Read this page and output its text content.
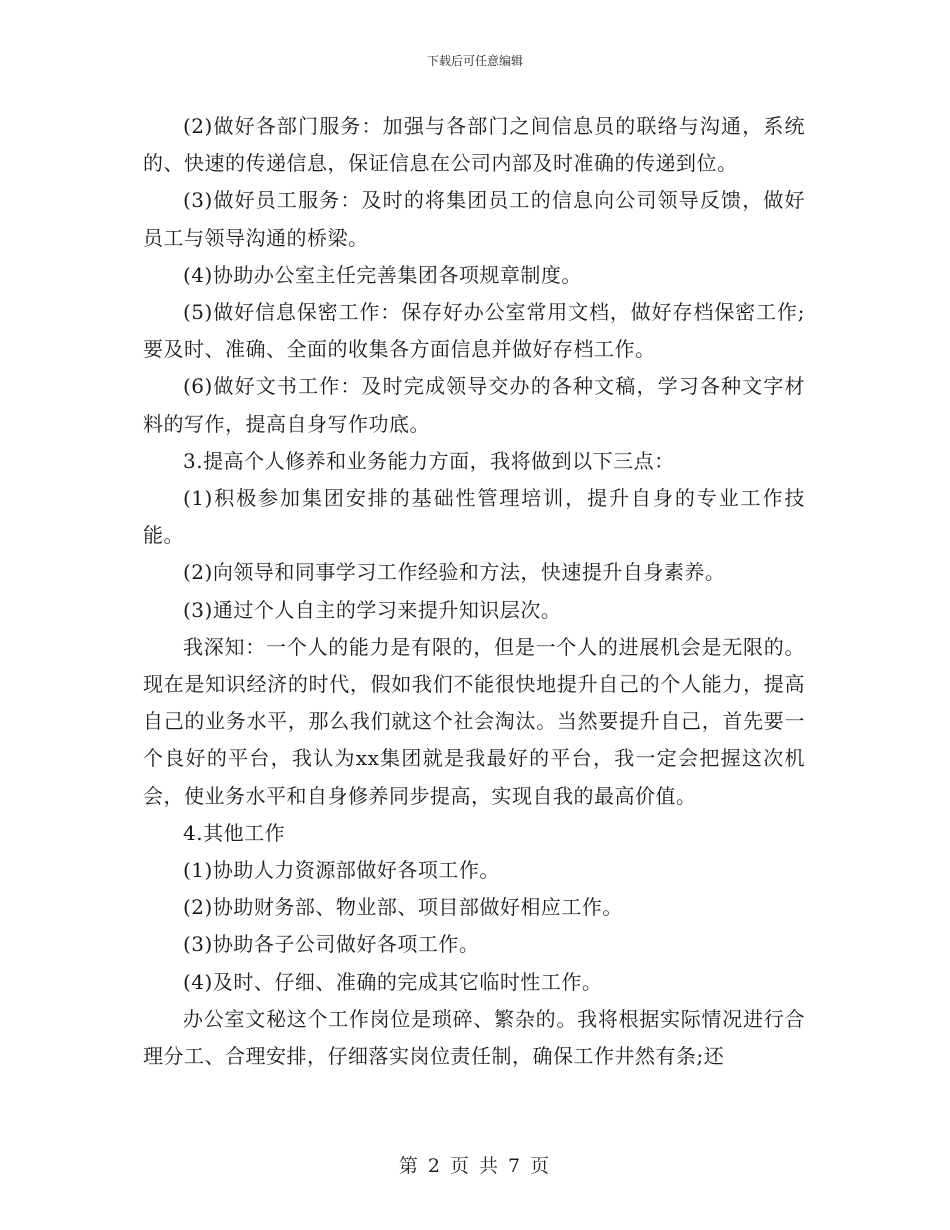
下载后可任意编辑

(2)做好各部门服务：加强与各部门之间信息员的联络与沟通，系统的、快速的传递信息，保证信息在公司内部及时准确的传递到位。

(3)做好员工服务：及时的将集团员工的信息向公司领导反馈，做好员工与领导沟通的桥梁。

(4)协助办公室主任完善集团各项规章制度。

(5)做好信息保密工作：保存好办公室常用文档，做好存档保密工作;要及时、准确、全面的收集各方面信息并做好存档工作。

(6)做好文书工作：及时完成领导交办的各种文稿，学习各种文字材料的写作，提高自身写作功底。

3.提高个人修养和业务能力方面，我将做到以下三点：

(1)积极参加集团安排的基础性管理培训，提升自身的专业工作技能。

(2)向领导和同事学习工作经验和方法，快速提升自身素养。

(3)通过个人自主的学习来提升知识层次。

我深知：一个人的能力是有限的，但是一个人的进展机会是无限的。现在是知识经济的时代，假如我们不能很快地提升自己的个人能力，提高自己的业务水平，那么我们就这个社会淘汰。当然要提升自己，首先要一个良好的平台，我认为xx集团就是我最好的平台，我一定会把握这次机会，使业务水平和自身修养同步提高，实现自我的最高价值。

4.其他工作

(1)协助人力资源部做好各项工作。

(2)协助财务部、物业部、项目部做好相应工作。

(3)协助各子公司做好各项工作。

(4)及时、仔细、准确的完成其它临时性工作。

办公室文秘这个工作岗位是琐碎、繁杂的。我将根据实际情况进行合理分工、合理安排，仔细落实岗位责任制，确保工作井然有条;还

第 2 页 共 7 页
